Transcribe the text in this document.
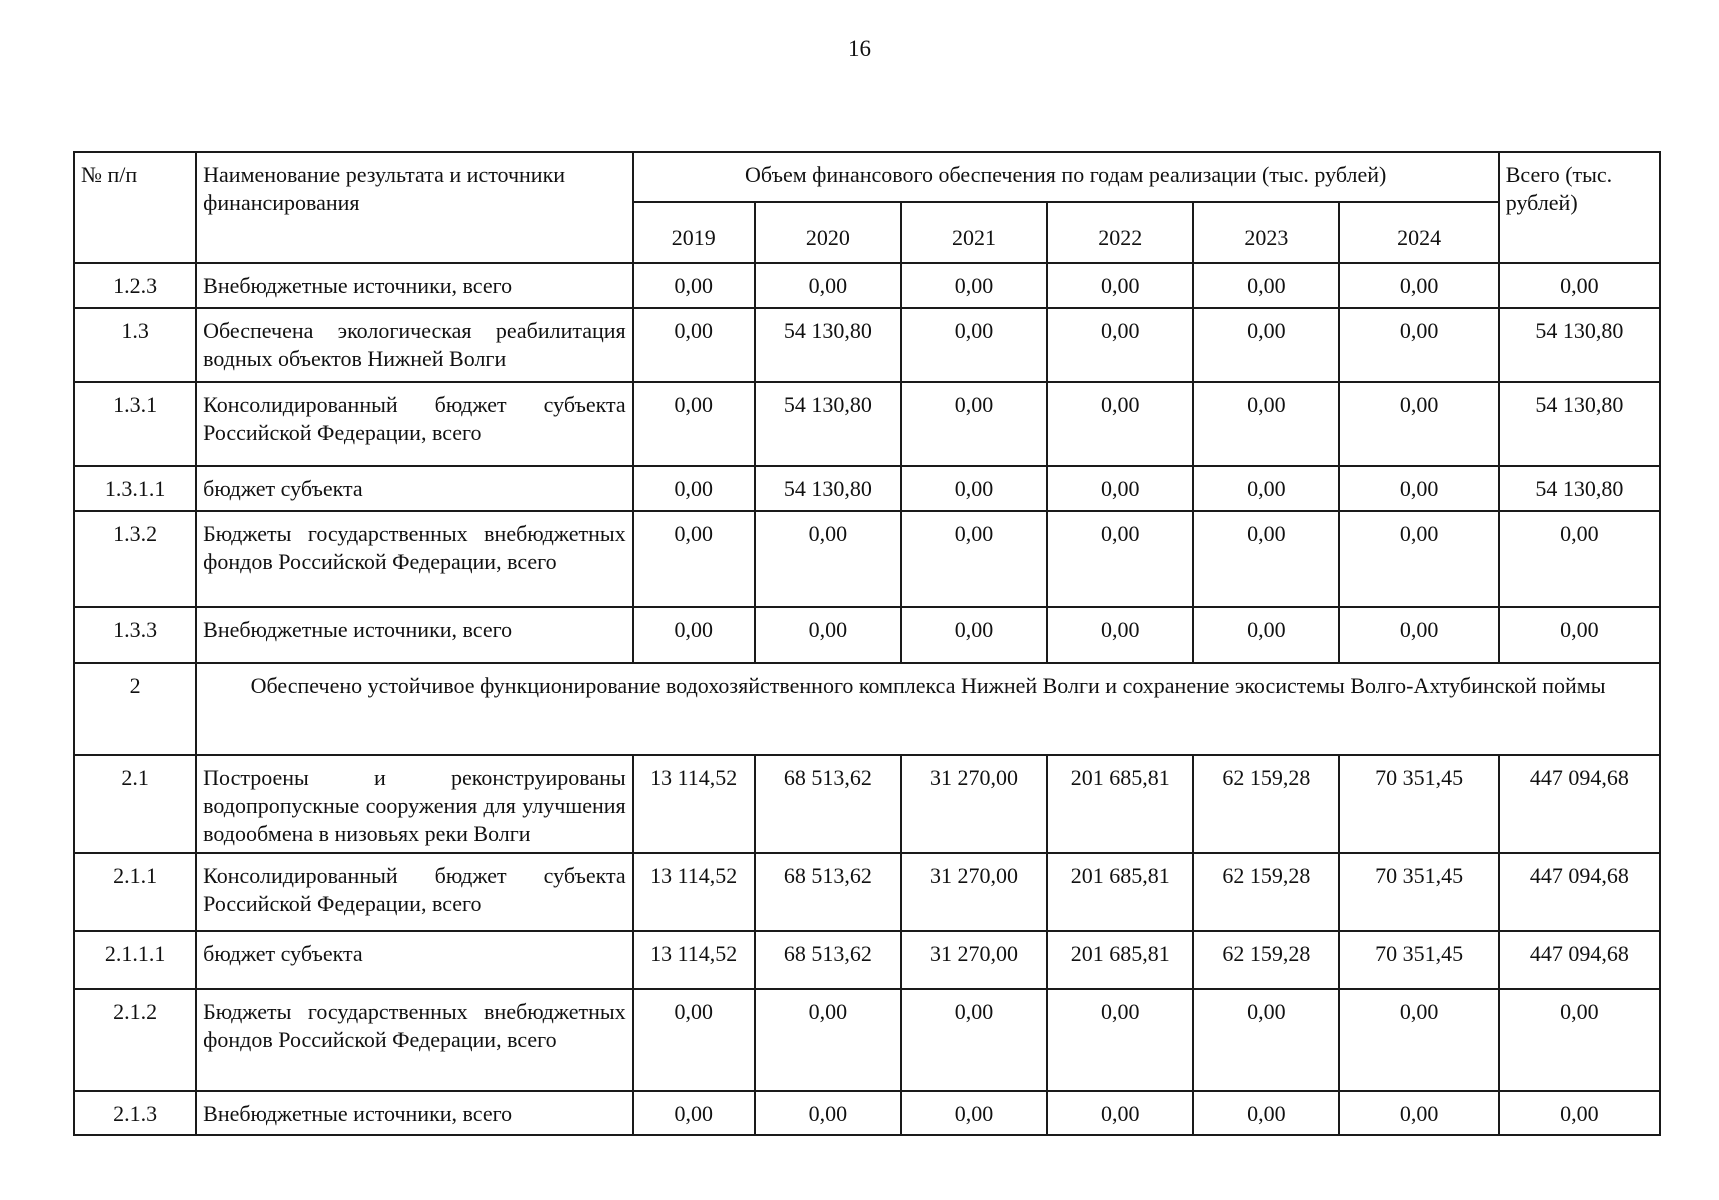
16
№ п/п	Наименование результата и источники финансирования	Объем финансового обеспечения по годам реализации (тыс. рублей)						Всего (тыс. рублей)
		2019	2020	2021	2022	2023	2024	
1.2.3	Внебюджетные источники, всего	0,00	0,00	0,00	0,00	0,00	0,00	0,00
1.3	Обеспечена экологическая реабилитация водных объектов Нижней Волги	0,00	54 130,80	0,00	0,00	0,00	0,00	54 130,80
1.3.1	Консолидированный бюджет субъекта Российской Федерации, всего	0,00	54 130,80	0,00	0,00	0,00	0,00	54 130,80
1.3.1.1	бюджет субъекта	0,00	54 130,80	0,00	0,00	0,00	0,00	54 130,80
1.3.2	Бюджеты государственных внебюджетных фондов Российской Федерации, всего	0,00	0,00	0,00	0,00	0,00	0,00	0,00
1.3.3	Внебюджетные источники, всего	0,00	0,00	0,00	0,00	0,00	0,00	0,00
2	Обеспечено устойчивое функционирование водохозяйственного комплекса Нижней Волги и сохранение экосистемы Волго-Ахтубинской поймы							
2.1	Построены и реконструированы водопропускные сооружения для улучшения водообмена в низовьях реки Волги	13 114,52	68 513,62	31 270,00	201 685,81	62 159,28	70 351,45	447 094,68
2.1.1	Консолидированный бюджет субъекта Российской Федерации, всего	13 114,52	68 513,62	31 270,00	201 685,81	62 159,28	70 351,45	447 094,68
2.1.1.1	бюджет субъекта	13 114,52	68 513,62	31 270,00	201 685,81	62 159,28	70 351,45	447 094,68
2.1.2	Бюджеты государственных внебюджетных фондов Российской Федерации, всего	0,00	0,00	0,00	0,00	0,00	0,00	0,00
2.1.3	Внебюджетные источники, всего	0,00	0,00	0,00	0,00	0,00	0,00	0,00
